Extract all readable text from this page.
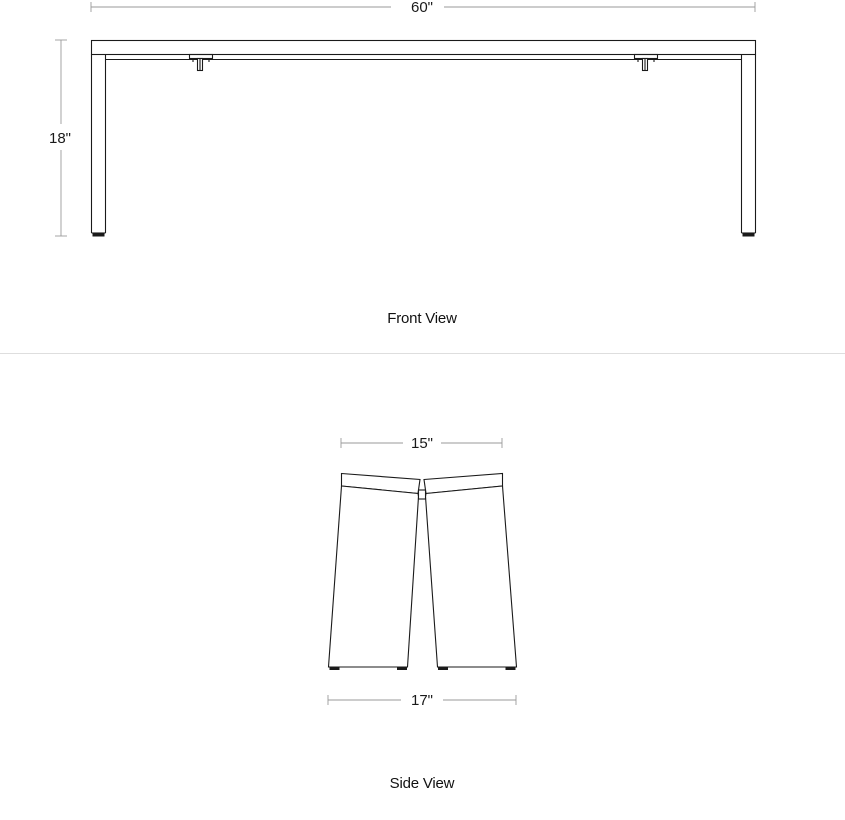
60"
18"
Front View
15"
17"
Side View
